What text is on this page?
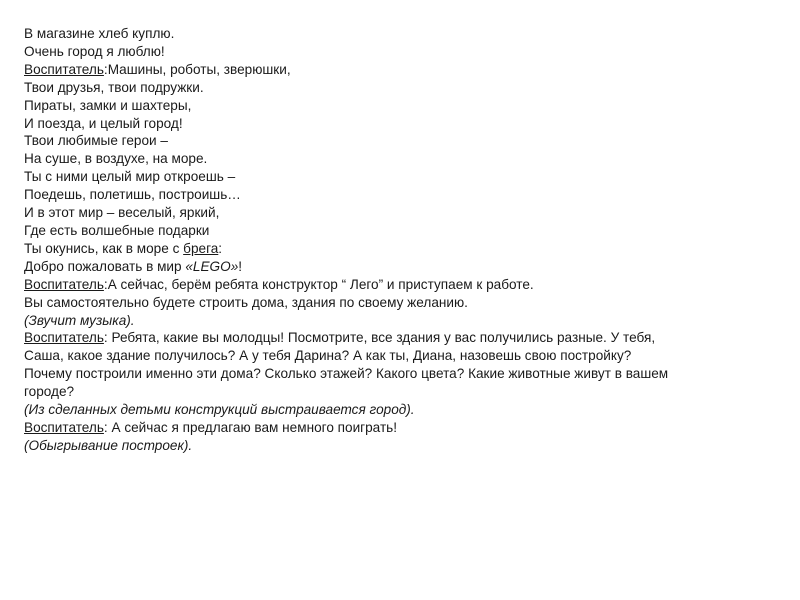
В магазине хлеб куплю.

Очень город я люблю!

Воспитатель:Машины, роботы, зверюшки,

Твои друзья, твои подружки.

Пираты, замки и шахтеры,

И поезда, и целый город!

Твои любимые герои –

На суше, в воздухе, на море.

Ты с ними целый мир откроешь –

Поедешь, полетишь, построишь…

И в этот мир – веселый, яркий,

Где есть волшебные подарки

Ты окунись, как в море с брега:

Добро пожаловать в мир «LEGO»!

Воспитатель:А сейчас, берём ребята конструктор “ Лего” и приступаем к работе.

Вы самостоятельно будете строить дома, здания по своему желанию.

(Звучит музыка).

Воспитатель: Ребята, какие вы молодцы! Посмотрите, все здания у вас получились разные. У тебя,

Саша, какое здание получилось? А у тебя Дарина? А как ты, Диана, назовешь свою постройку?

Почему построили именно эти дома? Сколько этажей? Какого цвета? Какие животные живут в вашем

городе?

(Из сделанных детьми конструкций выстраивается город).

Воспитатель: А сейчас я предлагаю вам немного поиграть!

(Обыгрывание построек).
